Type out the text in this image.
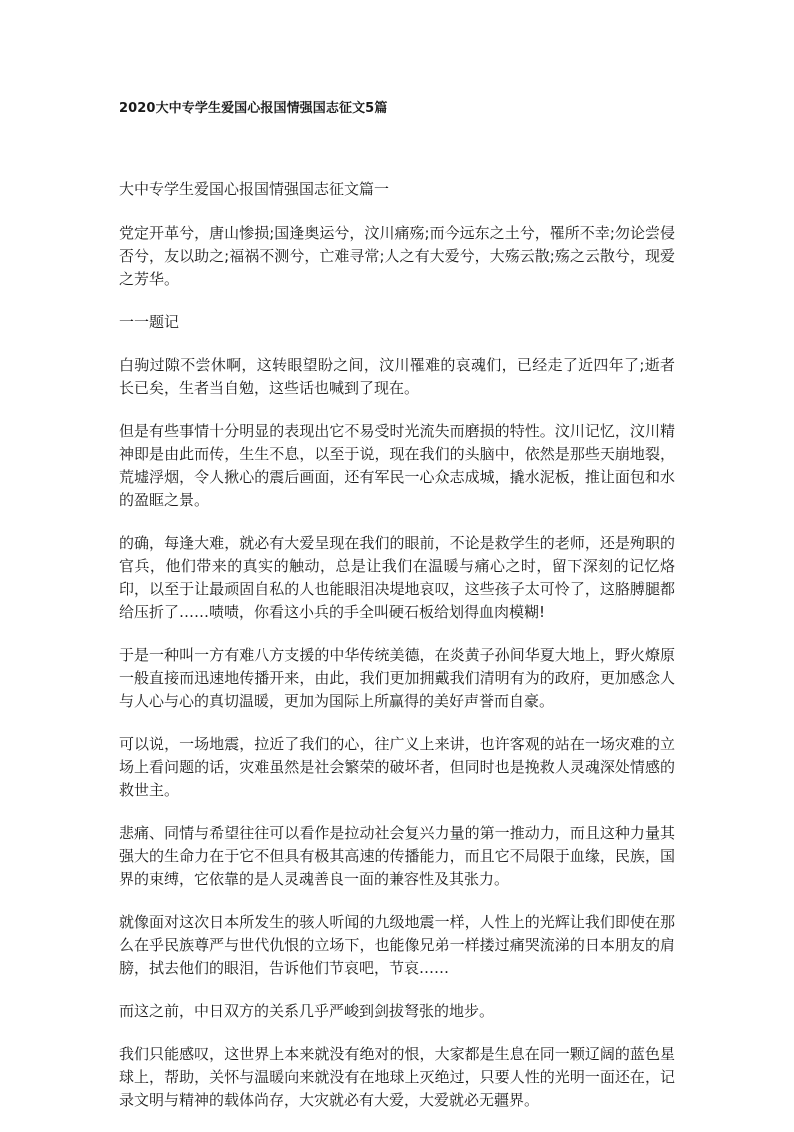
2020大中专学生爱国心报国情强国志征文5篇
大中专学生爱国心报国情强国志征文篇一

党定开革兮，唐山惨损;国逢奥运兮，汶川痛殇;而今远东之土兮，罹所不幸;勿论尝侵否兮，友以助之;福祸不测兮，亡难寻常;人之有大爱兮，大殇云散;殇之云散兮，现爱之芳华。

一一题记

白驹过隙不尝休啊，这转眼望盼之间，汶川罹难的哀魂们，已经走了近四年了;逝者长已矣，生者当自勉，这些话也喊到了现在。

但是有些事情十分明显的表现出它不易受时光流失而磨损的特性。汶川记忆，汶川精神即是由此而传，生生不息，以至于说，现在我们的头脑中，依然是那些天崩地裂，荒墟浮烟，令人揪心的震后画面，还有军民一心众志成城，撬水泥板，推让面包和水的盈眶之景。

的确，每逢大难，就必有大爱呈现在我们的眼前，不论是救学生的老师，还是殉职的官兵，他们带来的真实的触动，总是让我们在温暖与痛心之时，留下深刻的记忆烙印，以至于让最顽固自私的人也能眼泪决堤地哀叹，这些孩子太可怜了，这胳膊腿都给压折了……啧啧，你看这小兵的手全叫硬石板给划得血肉模糊!

于是一种叫一方有难八方支援的中华传统美德，在炎黄子孙间华夏大地上，野火燎原一般直接而迅速地传播开来，由此，我们更加拥戴我们清明有为的政府，更加感念人与人心与心的真切温暖，更加为国际上所赢得的美好声誉而自豪。

可以说，一场地震，拉近了我们的心，往广义上来讲，也许客观的站在一场灾难的立场上看问题的话，灾难虽然是社会繁荣的破坏者，但同时也是挽救人灵魂深处情感的救世主。

悲痛、同情与希望往往可以看作是拉动社会复兴力量的第一推动力，而且这种力量其强大的生命力在于它不但具有极其高速的传播能力，而且它不局限于血缘，民族，国界的束缚，它依靠的是人灵魂善良一面的兼容性及其张力。

就像面对这次日本所发生的骇人听闻的九级地震一样，人性上的光辉让我们即使在那么在乎民族尊严与世代仇恨的立场下，也能像兄弟一样搂过痛哭流涕的日本朋友的肩膀，拭去他们的眼泪，告诉他们节哀吧，节哀……

而这之前，中日双方的关系几乎严峻到剑拔弩张的地步。

我们只能感叹，这世界上本来就没有绝对的恨，大家都是生息在同一颗辽阔的蓝色星球上，帮助，关怀与温暖向来就没有在地球上灭绝过，只要人性的光明一面还在，记录文明与精神的载体尚存，大灾就必有大爱，大爱就必无疆界。
